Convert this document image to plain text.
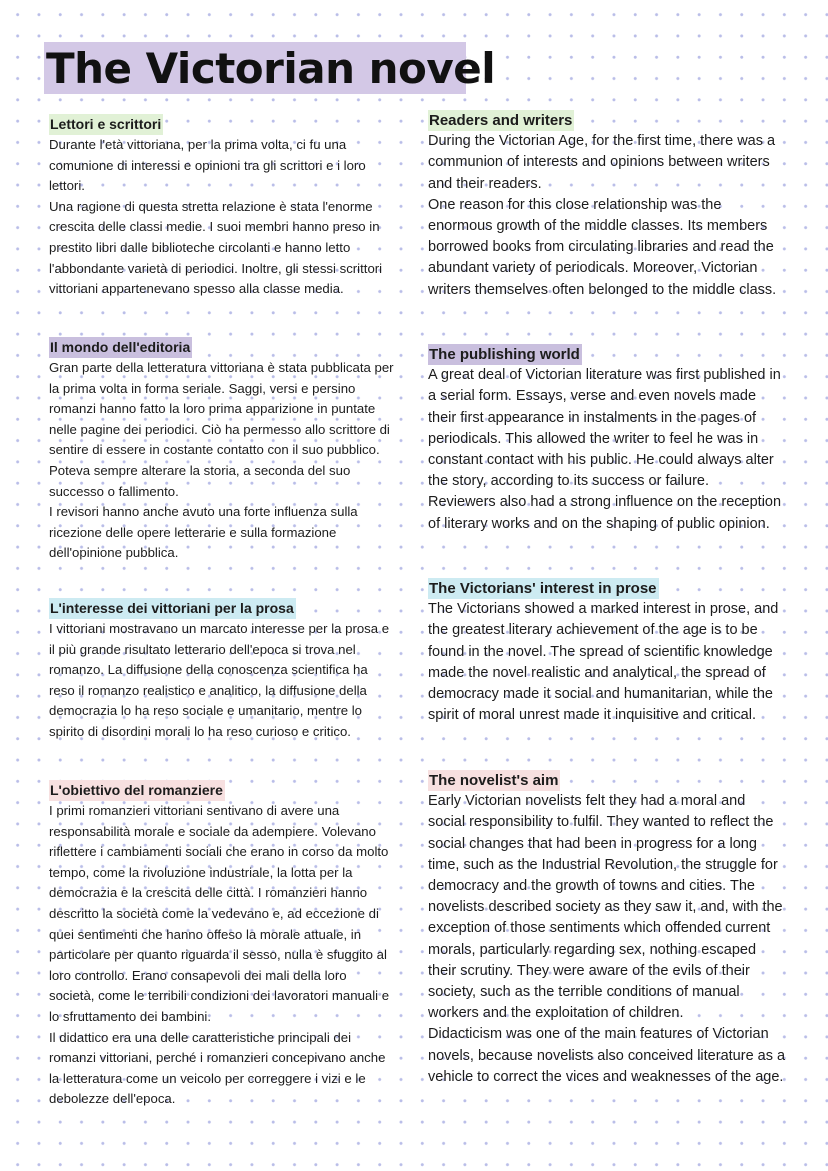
The Victorian novel
Lettori e scrittori

Durante l'età vittoriana, per la prima volta, ci fu una comunione di interessi e opinioni tra gli scrittori e i loro lettori.

Una ragione di questa stretta relazione è stata l'enorme crescita delle classi medie. I suoi membri hanno preso in prestito libri dalle biblioteche circolanti e hanno letto l'abbondante varietà di periodici. Inoltre, gli stessi scrittori vittoriani appartenevano spesso alla classe media.

Il mondo dell'editoria

Gran parte della letteratura vittoriana è stata pubblicata per la prima volta in forma seriale. Saggi, versi e persino romanzi hanno fatto la loro prima apparizione in puntate nelle pagine dei periodici. Ciò ha permesso allo scrittore di sentire di essere in costante contatto con il suo pubblico. Poteva sempre alterare la storia, a seconda del suo successo o fallimento.

I revisori hanno anche avuto una forte influenza sulla ricezione delle opere letterarie e sulla formazione dell'opinione pubblica.

L'interesse dei vittoriani per la prosa

I vittoriani mostravano un marcato interesse per la prosa e il più grande risultato letterario dell'epoca si trova nel romanzo. La diffusione della conoscenza scientifica ha reso il romanzo realistico e analitico, la diffusione della democrazia lo ha reso sociale e umanitario, mentre lo spirito di disordini morali lo ha reso curioso e critico.

L'obiettivo del romanziere

I primi romanzieri vittoriani sentivano di avere una responsabilità morale e sociale da adempiere. Volevano riflettere i cambiamenti sociali che erano in corso da molto tempo, come la rivoluzione industriale, la lotta per la democrazia e la crescita delle città. I romanzieri hanno descritto la società come la vedevano e, ad eccezione di quei sentimenti che hanno offeso la morale attuale, in particolare per quanto riguarda il sesso, nulla è sfuggito al loro controllo. Erano consapevoli dei mali della loro società, come le terribili condizioni dei lavoratori manuali e lo sfruttamento dei bambini.

Il didattico era una delle caratteristiche principali dei romanzi vittoriani, perché i romanzieri concepivano anche la letteratura come un veicolo per correggere i vizi e le debolezze dell'epoca.

Readers and writers

During the Victorian Age, for the first time, there was a communion of interests and opinions between writers and their readers.

One reason for this close relationship was the enormous growth of the middle classes. Its members borrowed books from circulating libraries and read the abundant variety of periodicals. Moreover, Victorian writers themselves often belonged to the middle class.

The publishing world

A great deal of Victorian literature was first published in a serial form. Essays, verse and even novels made their first appearance in instalments in the pages of periodicals. This allowed the writer to feel he was in constant contact with his public. He could always alter the story, according to its success or failure.

Reviewers also had a strong influence on the reception of literary works and on the shaping of public opinion.

The Victorians' interest in prose

The Victorians showed a marked interest in prose, and the greatest literary achievement of the age is to be found in the novel. The spread of scientific knowledge made the novel realistic and analytical, the spread of democracy made it social and humanitarian, while the spirit of moral unrest made it inquisitive and critical.

The novelist's aim

Early Victorian novelists felt they had a moral and social responsibility to fulfil. They wanted to reflect the social changes that had been in progress for a long time, such as the Industrial Revolution, the struggle for democracy and the growth of towns and cities. The novelists described society as they saw it, and, with the exception of those sentiments which offended current morals, particularly regarding sex, nothing escaped their scrutiny. They were aware of the evils of their society, such as the terrible conditions of manual workers and the exploitation of children.

Didacticism was one of the main features of Victorian novels, because novelists also conceived literature as a vehicle to correct the vices and weaknesses of the age.
